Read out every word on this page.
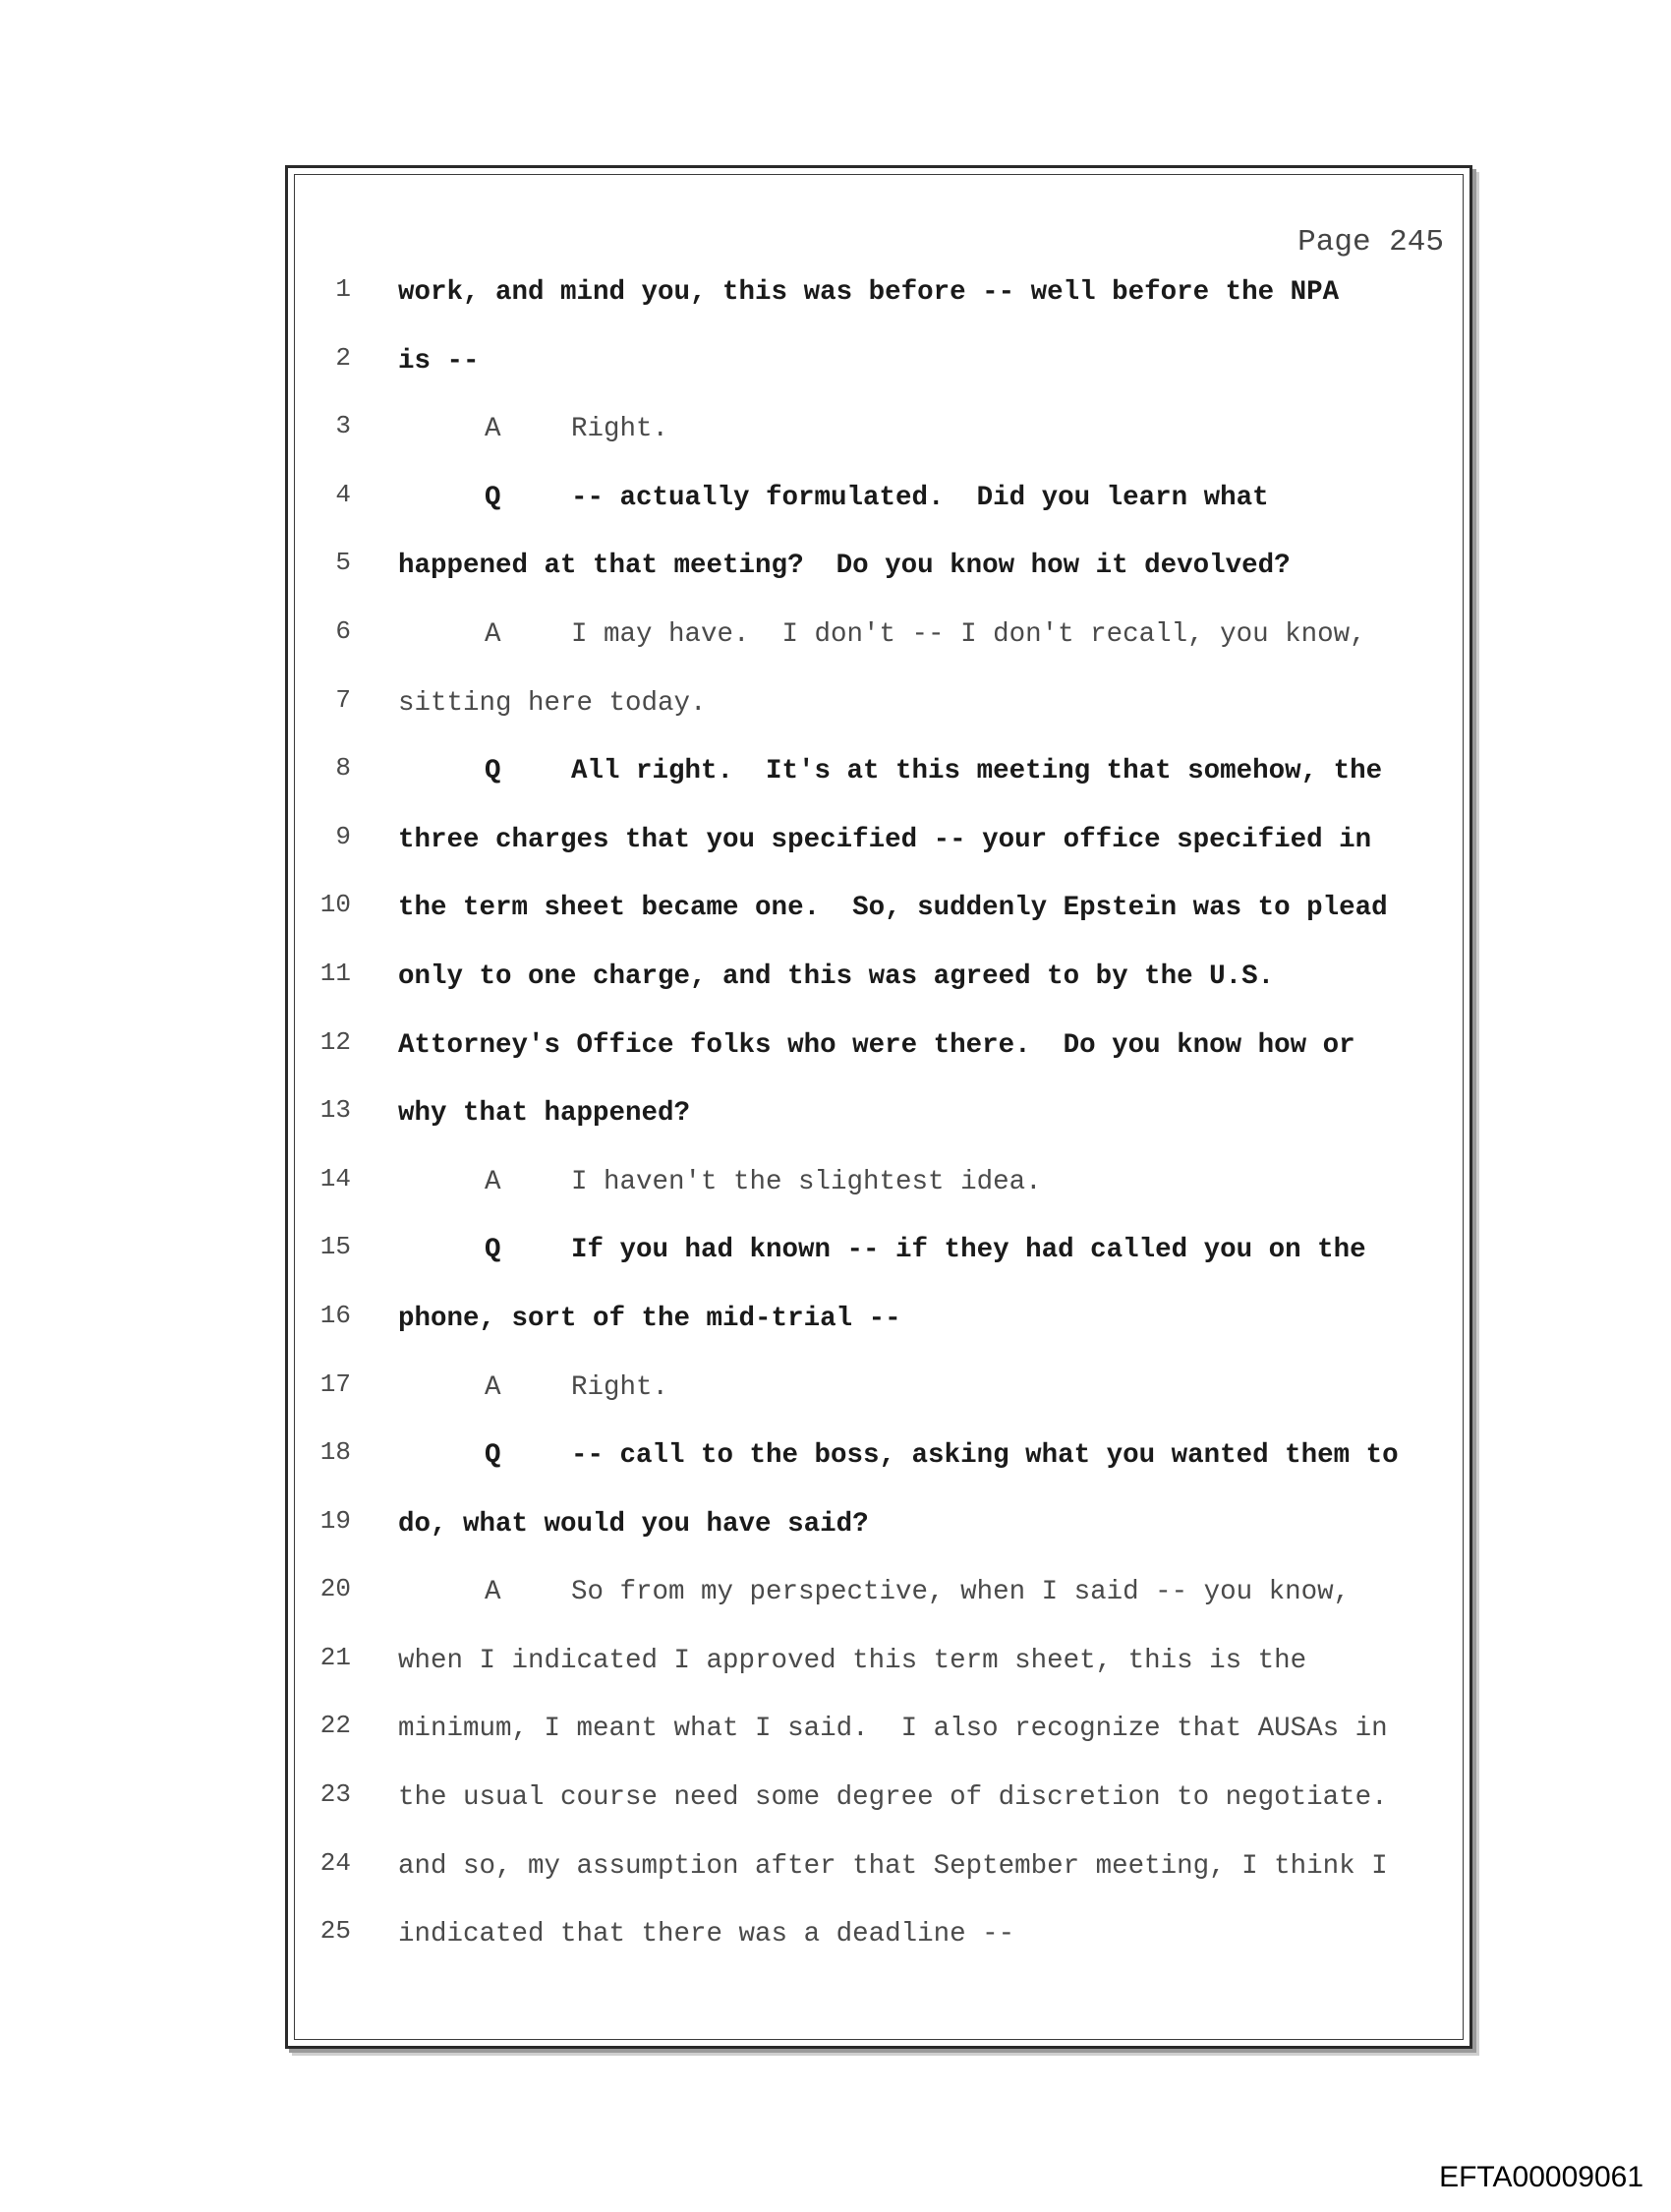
Page 245
1 work, and mind you, this was before -- well before the NPA
2 is --
3	A	Right.
4	Q	-- actually formulated.  Did you learn what
5 happened at that meeting?  Do you know how it devolved?
6	A	I may have.  I don't -- I don't recall, you know,
7 sitting here today.
8	Q	All right.  It's at this meeting that somehow, the
9 three charges that you specified -- your office specified in
10 the term sheet became one.  So, suddenly Epstein was to plead
11 only to one charge, and this was agreed to by the U.S.
12 Attorney's Office folks who were there.  Do you know how or
13 why that happened?
14	A	I haven't the slightest idea.
15	Q	If you had known -- if they had called you on the
16 phone, sort of the mid-trial --
17	A	Right.
18	Q	-- call to the boss, asking what you wanted them to
19 do, what would you have said?
20	A	So from my perspective, when I said -- you know,
21 when I indicated I approved this term sheet, this is the
22 minimum, I meant what I said.  I also recognize that AUSAs in
23 the usual course need some degree of discretion to negotiate.
24 and so, my assumption after that September meeting, I think I
25 indicated that there was a deadline --
EFTA00009061
